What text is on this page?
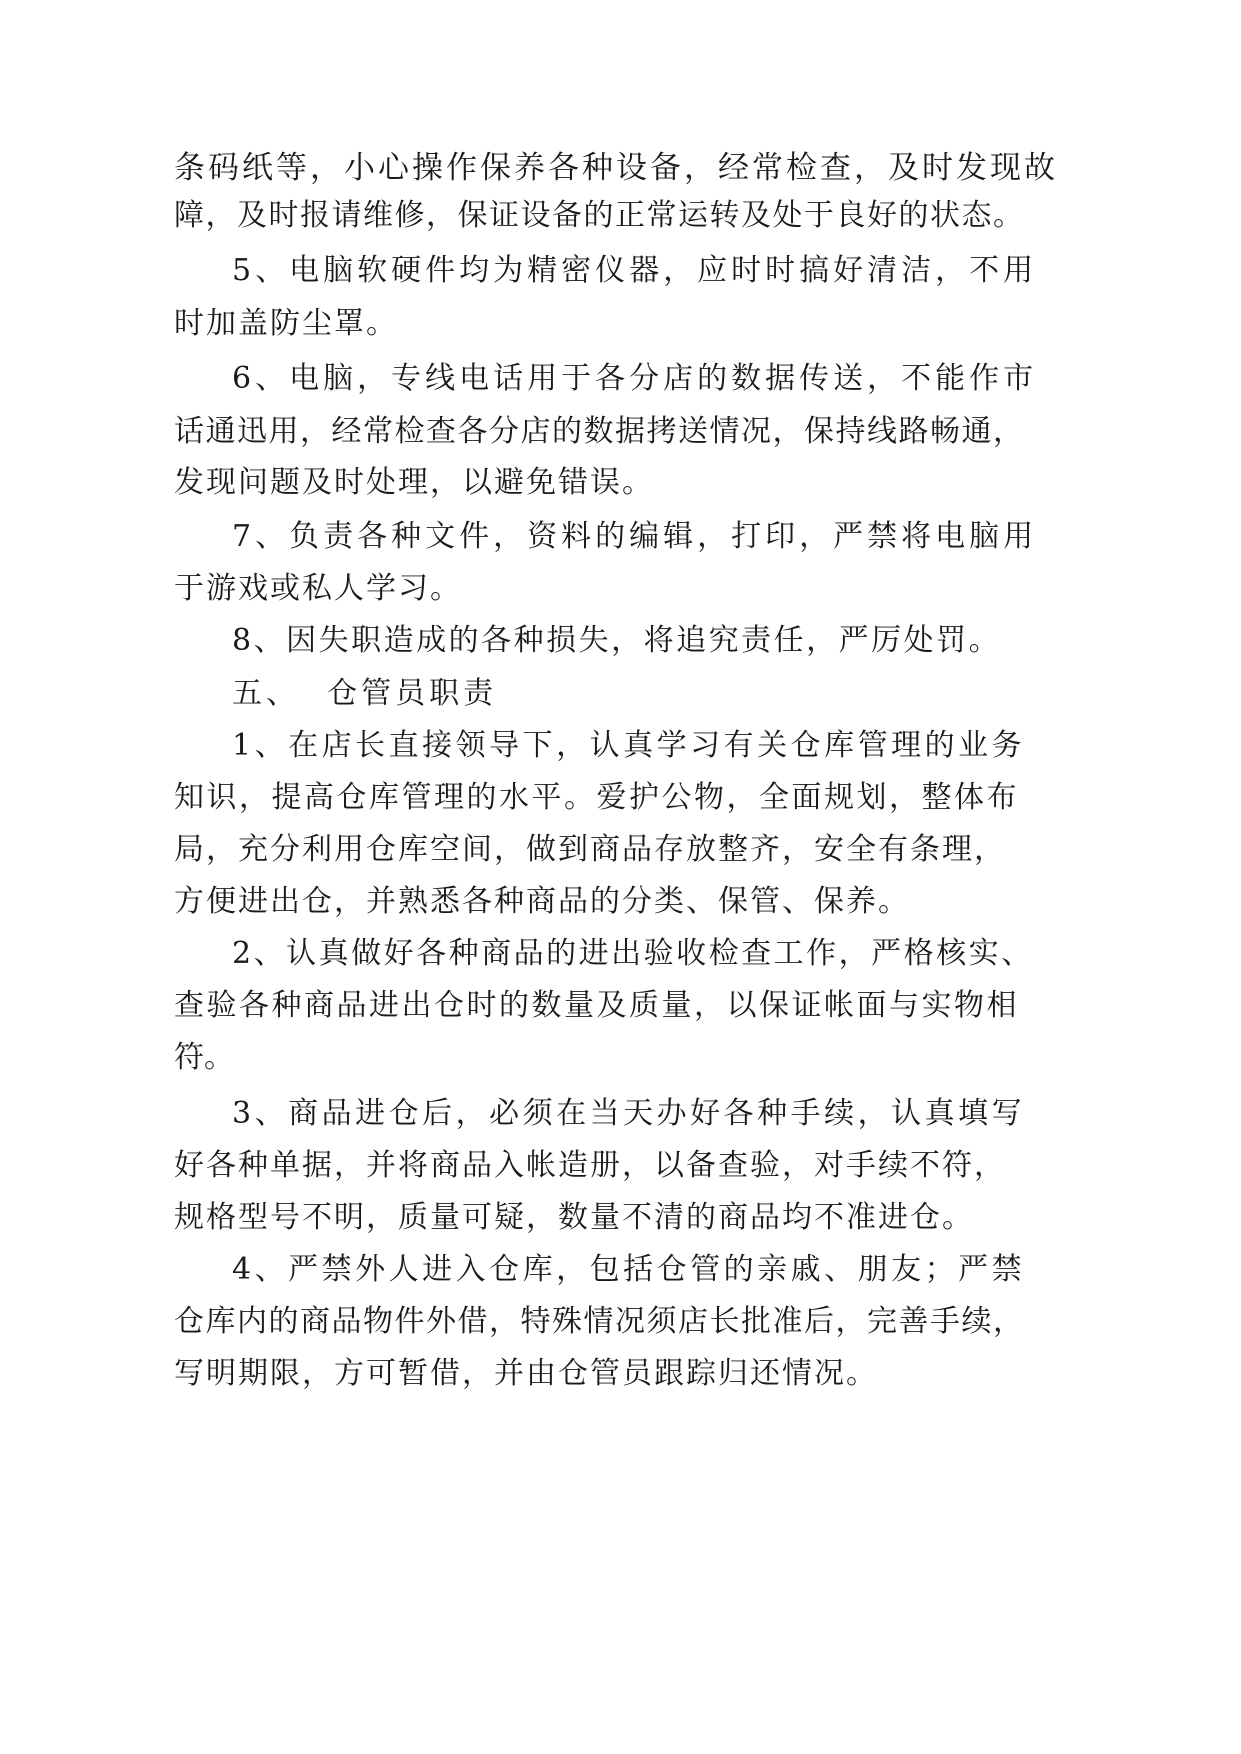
条码纸等，小心操作保养各种设备，经常检查，及时发现故
障，及时报请维修，保证设备的正常运转及处于良好的状态。
5、电脑软硬件均为精密仪器，应时时搞好清洁，不用
时加盖防尘罩。
6、电脑，专线电话用于各分店的数据传送，不能作市
话通迅用，经常检查各分店的数据拷送情况，保持线路畅通，
发现问题及时处理，以避免错误。
7、负责各种文件，资料的编辑，打印，严禁将电脑用
于游戏或私人学习。
8、因失职造成的各种损失，将追究责任，严厉处罚。
五、  仓管员职责
1、在店长直接领导下，认真学习有关仓库管理的业务
知识，提高仓库管理的水平。爱护公物，全面规划，整体布
局，充分利用仓库空间，做到商品存放整齐，安全有条理，
方便进出仓，并熟悉各种商品的分类、保管、保养。
2、认真做好各种商品的进出验收检查工作，严格核实、
查验各种商品进出仓时的数量及质量，以保证帐面与实物相
符。
3、商品进仓后，必须在当天办好各种手续，认真填写
好各种单据，并将商品入帐造册，以备查验，对手续不符，
规格型号不明，质量可疑，数量不清的商品均不准进仓。
4、严禁外人进入仓库，包括仓管的亲戚、朋友；严禁
仓库内的商品物件外借，特殊情况须店长批准后，完善手续，
写明期限，方可暂借，并由仓管员跟踪归还情况。
